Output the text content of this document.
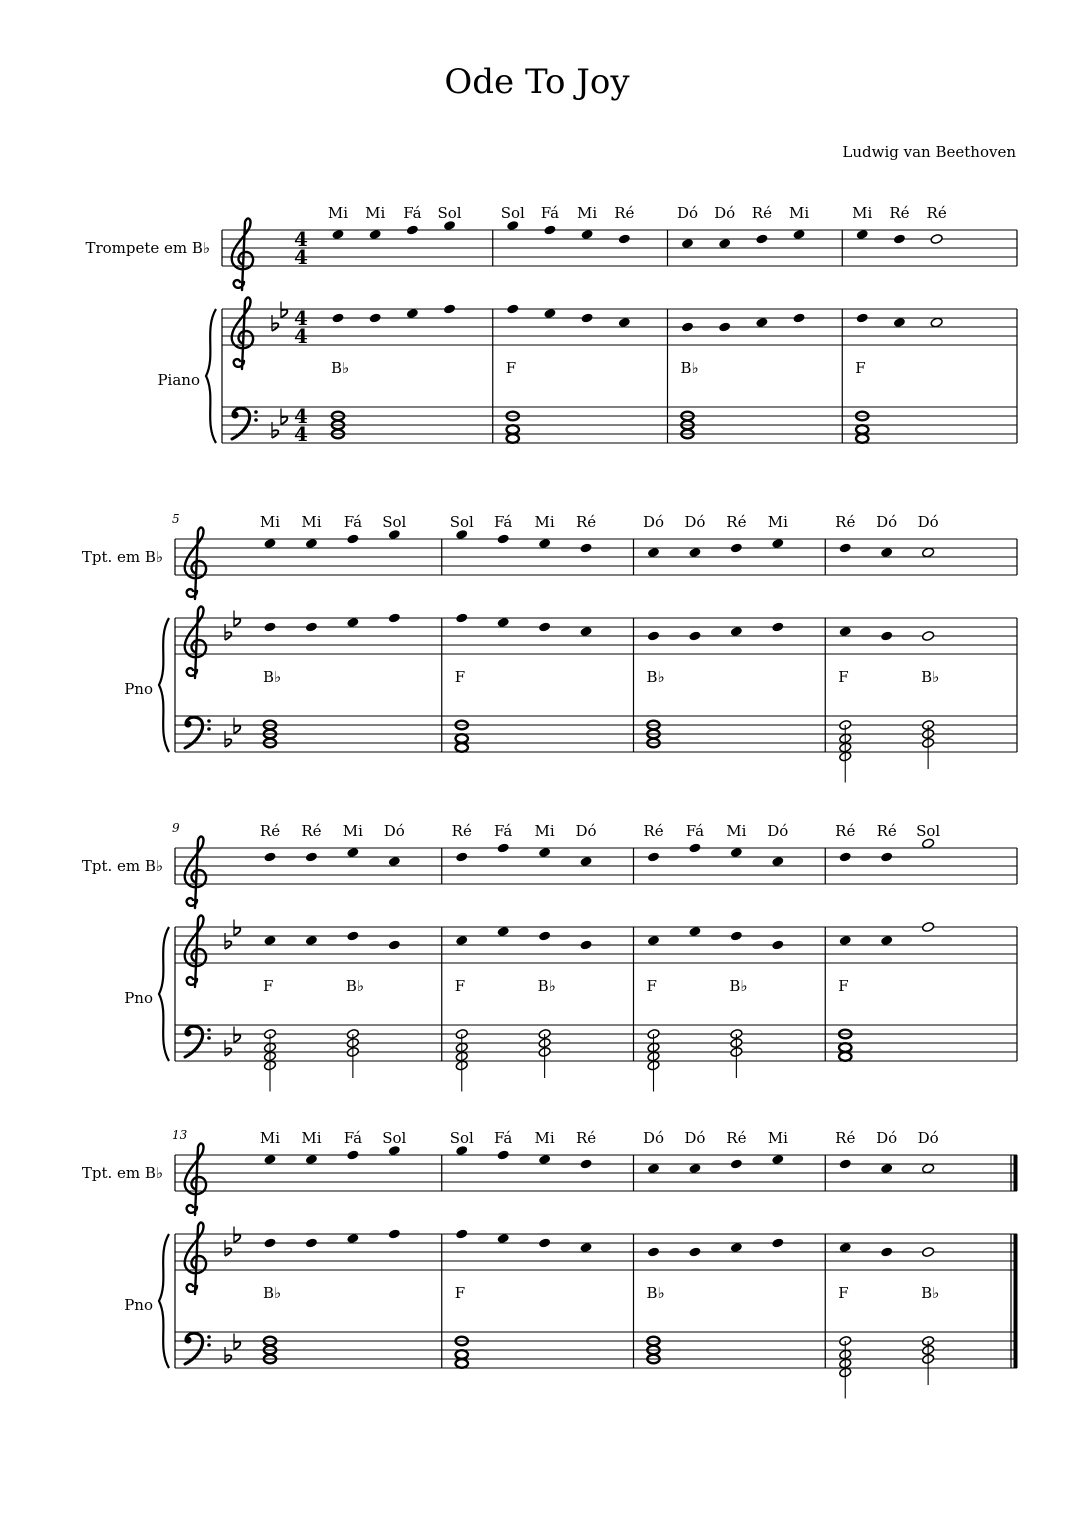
Ode To Joy
Ludwig van Beethoven
Trompete em B♭
Piano
4
4
4
4
4
4
Mi Mi Fá Sol
B♭
Sol Fá Mi Ré
F
Dó Dó Ré Mi
B♭
Mi Ré Ré
F
Tpt. em B♭
Pno
5	Mi Mi Fá Sol
B♭
Sol Fá Mi Ré
F
Dó Dó Ré Mi
B♭
Ré Dó Dó
F	B♭
Tpt. em B♭
Pno
9	Ré Ré Mi Dó
F	B♭
Ré Fá Mi Dó
F	B♭
Ré Fá Mi Dó
F	B♭
Ré Ré Sol
F
Tpt. em B♭
Pno
13	Mi Mi Fá Sol
B♭
Sol Fá Mi Ré
F
Dó Dó Ré Mi
B♭
Ré Dó Dó
F	B♭
